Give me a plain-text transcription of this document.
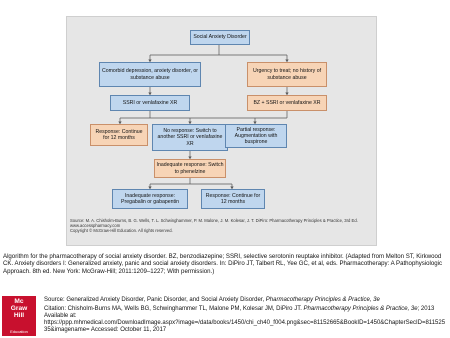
Social Anxiety Disorder
Comorbid depression, anxiety disorder, or substance abuse
Urgency to treat; no history of substance abuse
SSRI or venlafaxine XR	BZ + SSRI or venlafaxine XR
Response: Continue for 12 months
No response: Switch to another SSRI or venlafaxine XR
Partial response: Augmentation with buspirone
Inadequate response: Switch to phenelzine
Inadequate response: Pregabalin or gabapentin
Response: Continue for 12 months
Source: M. A. Chisholm-Burns, B. G. Wells, T. L. Schwinghammer, P. M. Malone, J. M. Kolesar, J. T. DiPiro: Pharmacotherapy Principles & Practice, 3rd Ed. www.accesspharmacy.com
Copyright © McGraw-Hill Education. All rights reserved.
Algorithm for the pharmacotherapy of social anxiety disorder. BZ, benzodiazepine; SSRI, selective serotonin reuptake inhibitor. (Adapted from Melton ST, Kirkwood CK. Anxiety disorders I: Generalized anxiety, panic and social anxiety disorders. In: DiPiro JT, Talbert RL, Yee GC, et al, eds. Pharmacotherapy: A Pathophysiologic Approach. 8th ed. New York: McGraw-Hill; 2011:1209–1227; With permission.)
Mc
Graw
Hill
Education
Source: Generalized Anxiety Disorder, Panic Disorder, and Social Anxiety Disorder, Pharmacotherapy Principles & Practice, 3e
Citation: Chisholm-Burns MA, Wells BG, Schwinghammer TL, Malone PM, Kolesar JM, DiPiro JT. Pharmacotherapy Principles & Practice, 3e; 2013 Available at:
https://ppp.mhmedical.com/DownloadImage.aspx?image=/data/books/1450/chi_ch40_f004.png&sec=81152665&BookID=1450&ChapterSecID=81152535&imagename= Accessed: October 11, 2017
